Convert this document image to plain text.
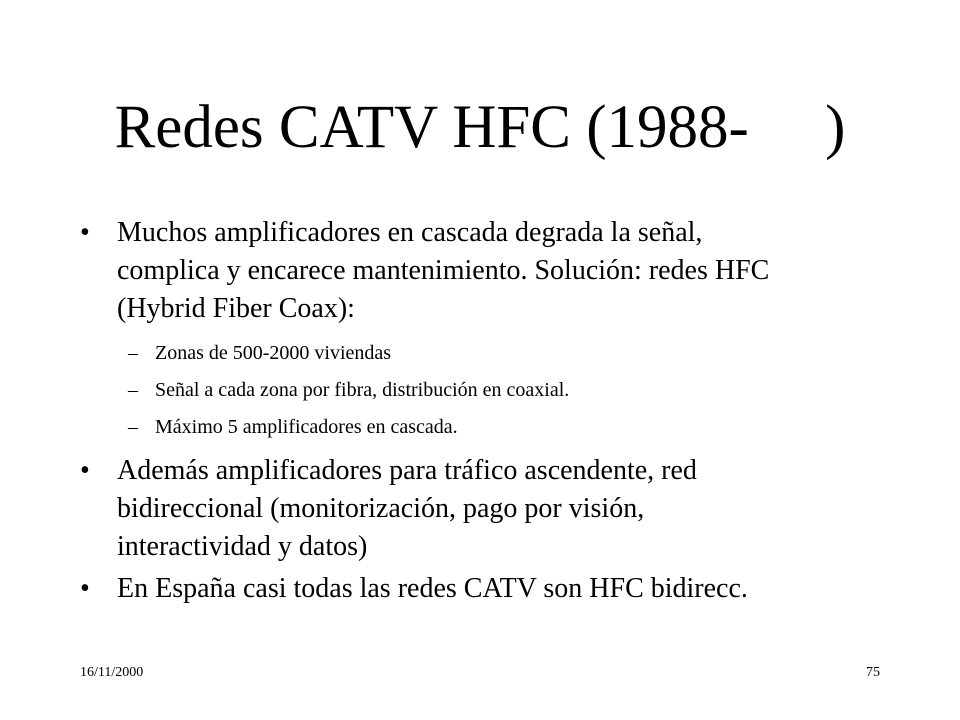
Redes CATV HFC (1988-     )
• Muchos amplificadores en cascada degrada la señal,
complica y encarece mantenimiento. Solución: redes HFC
(Hybrid Fiber Coax):
– Zonas de 500-2000 viviendas
– Señal a cada zona por fibra, distribución en coaxial.
– Máximo 5 amplificadores en cascada.
• Además amplificadores para tráfico ascendente, red
bidireccional (monitorización, pago por visión,
interactividad y datos)
• En España casi todas las redes CATV son HFC bidirecc.
16/11/2000	75
